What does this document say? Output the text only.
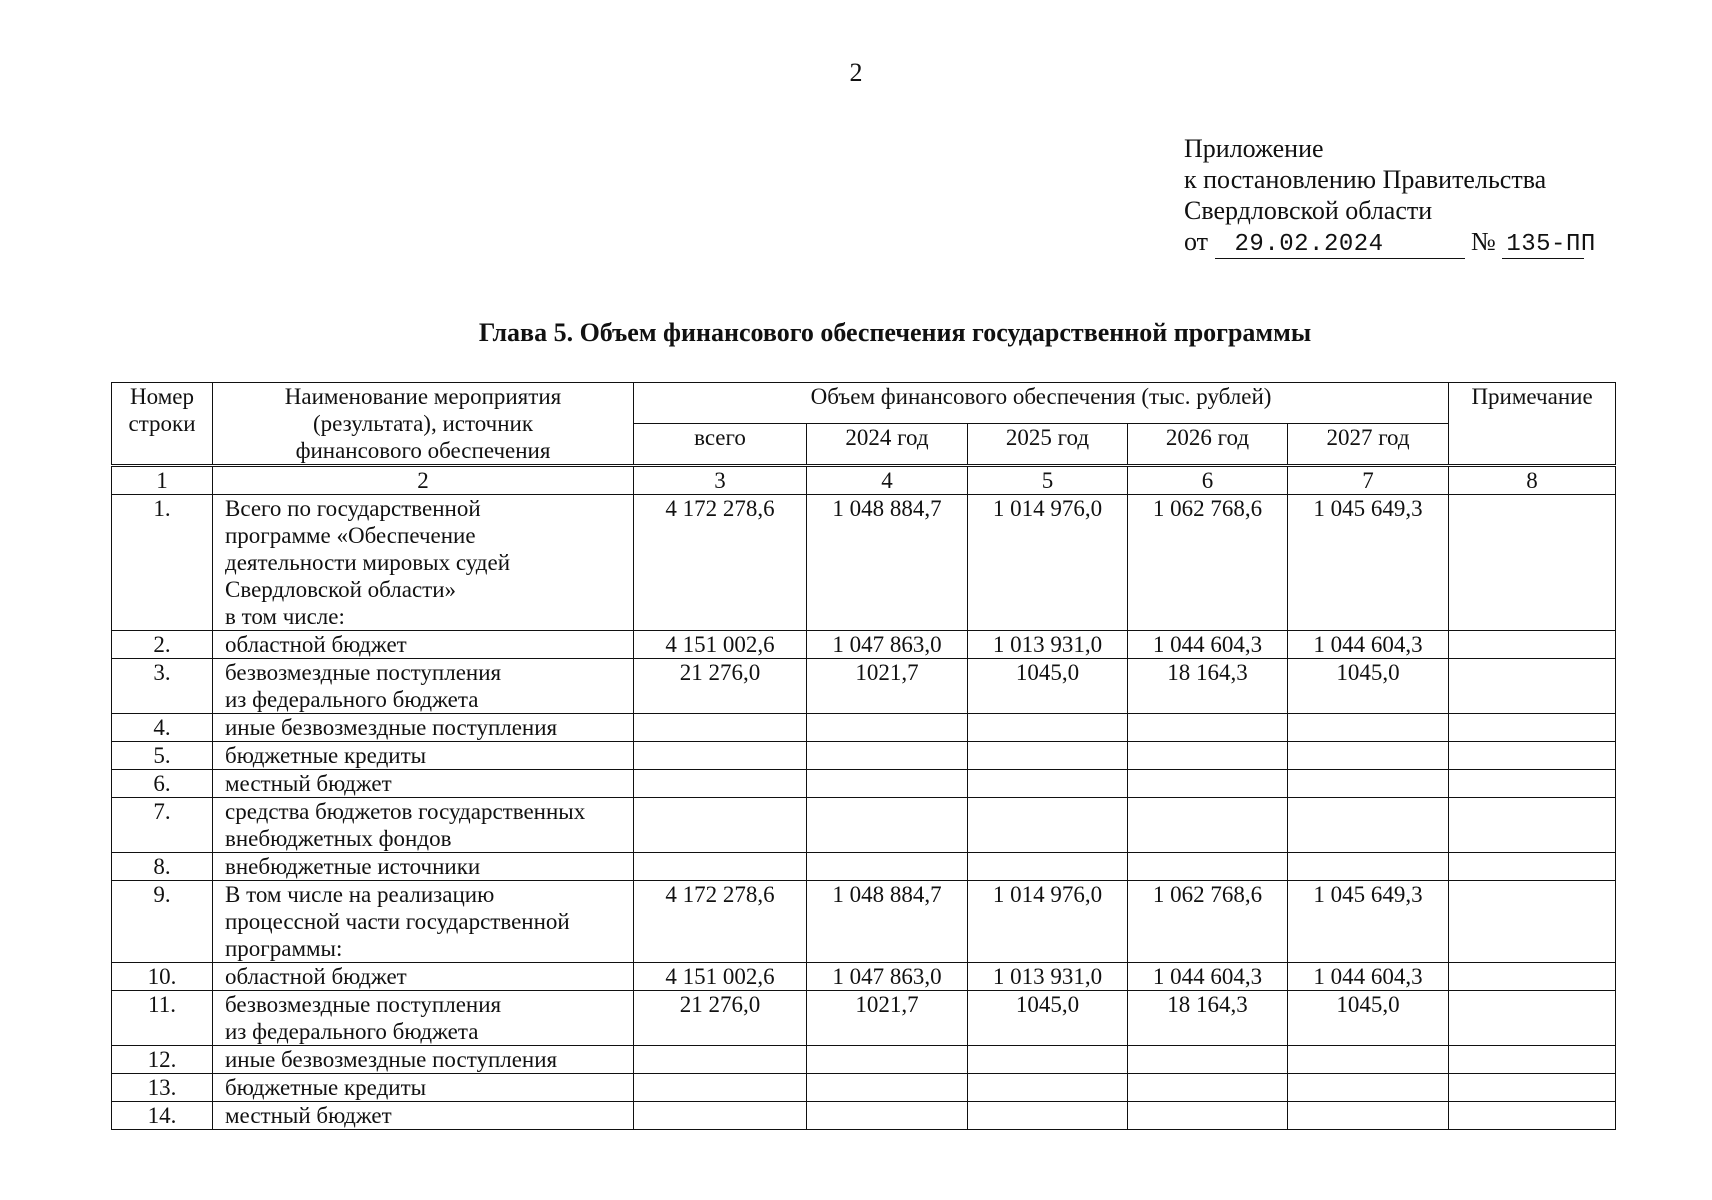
2
Приложение
к постановлению Правительства
Свердловской области
от 29.02.2024	№ 135-ПП
Глава 5. Объем финансового обеспечения государственной программы
Номер
строки	Наименование мероприятия
(результата), источник
финансового обеспечения	Объем финансового обеспечения (тыс. рублей)					Примечание
		всего	2024 год	2025 год	2026 год	2027 год	
1	2	3	4	5	6	7	8
1.	Всего по государственной
программе «Обеспечение
деятельности мировых судей
Свердловской области»
в том числе:	4 172 278,6	1 048 884,7	1 014 976,0	1 062 768,6	1 045 649,3	
2.	областной бюджет	4 151 002,6	1 047 863,0	1 013 931,0	1 044 604,3	1 044 604,3	
3.	безвозмездные поступления
из федерального бюджета	21 276,0	1021,7	1045,0	18 164,3	1045,0	
4.	иные безвозмездные поступления						
5.	бюджетные кредиты						
6.	местный бюджет						
7.	средства бюджетов государственных
внебюджетных фондов						
8.	внебюджетные источники						
9.	В том числе на реализацию
процессной части государственной
программы:	4 172 278,6	1 048 884,7	1 014 976,0	1 062 768,6	1 045 649,3	
10.	областной бюджет	4 151 002,6	1 047 863,0	1 013 931,0	1 044 604,3	1 044 604,3	
11.	безвозмездные поступления
из федерального бюджета	21 276,0	1021,7	1045,0	18 164,3	1045,0	
12.	иные безвозмездные поступления						
13.	бюджетные кредиты						
14.	местный бюджет						
